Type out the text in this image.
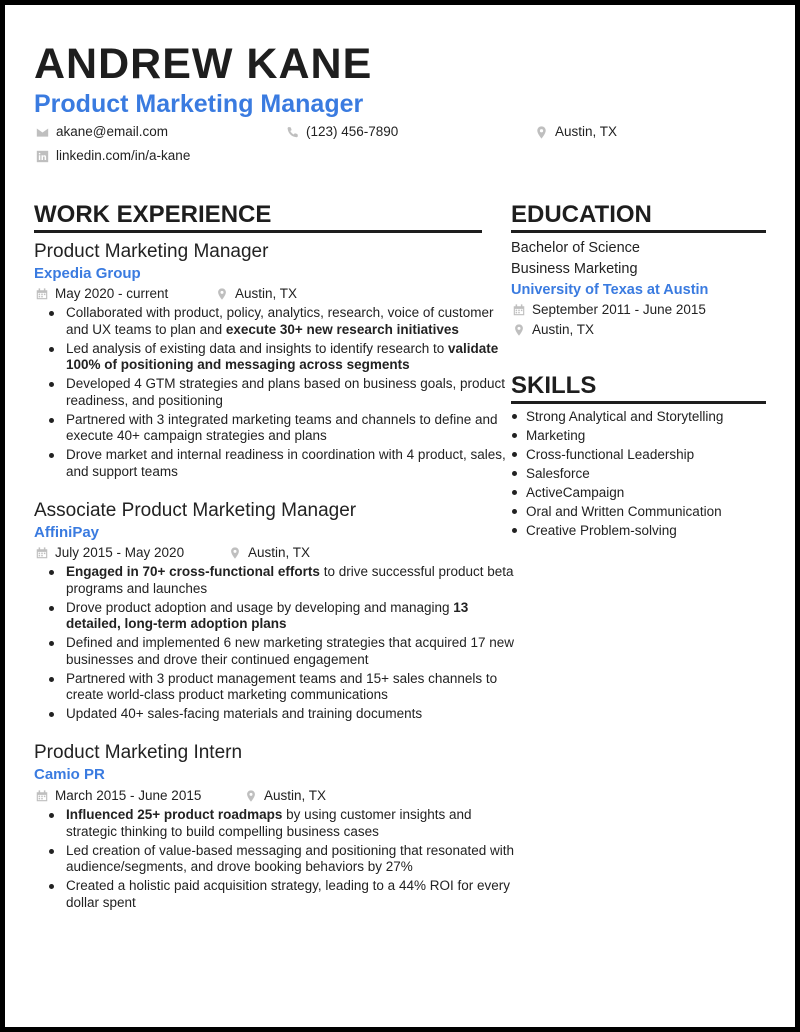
ANDREW KANE
Product Marketing Manager
akane@email.com	(123) 456-7890	Austin, TX
linkedin.com/in/a-kane
WORK EXPERIENCE
Product Marketing Manager
Expedia Group
May 2020 - current	Austin, TX
Collaborated with product, policy, analytics, research, voice of customer and UX teams to plan and execute 30+ new research initiatives
Led analysis of existing data and insights to identify research to validate 100% of positioning and messaging across segments
Developed 4 GTM strategies and plans based on business goals, product readiness, and positioning
Partnered with 3 integrated marketing teams and channels to define and execute 40+ campaign strategies and plans
Drove market and internal readiness in coordination with 4 product, sales, and support teams
Associate Product Marketing Manager
AffiniPay
July 2015 - May 2020	Austin, TX
Engaged in 70+ cross-functional efforts to drive successful product beta programs and launches
Drove product adoption and usage by developing and managing 13 detailed, long-term adoption plans
Defined and implemented 6 new marketing strategies that acquired 17 new businesses and drove their continued engagement
Partnered with 3 product management teams and 15+ sales channels to create world-class product marketing communications
Updated 40+ sales-facing materials and training documents
Product Marketing Intern
Camio PR
March 2015 - June 2015	Austin, TX
Influenced 25+ product roadmaps by using customer insights and strategic thinking to build compelling business cases
Led creation of value-based messaging and positioning that resonated with audience/segments, and drove booking behaviors by 27%
Created a holistic paid acquisition strategy, leading to a 44% ROI for every dollar spent
EDUCATION
Bachelor of Science
Business Marketing
University of Texas at Austin
September 2011 - June 2015
Austin, TX
SKILLS
Strong Analytical and Storytelling
Marketing
Cross-functional Leadership
Salesforce
ActiveCampaign
Oral and Written Communication
Creative Problem-solving
